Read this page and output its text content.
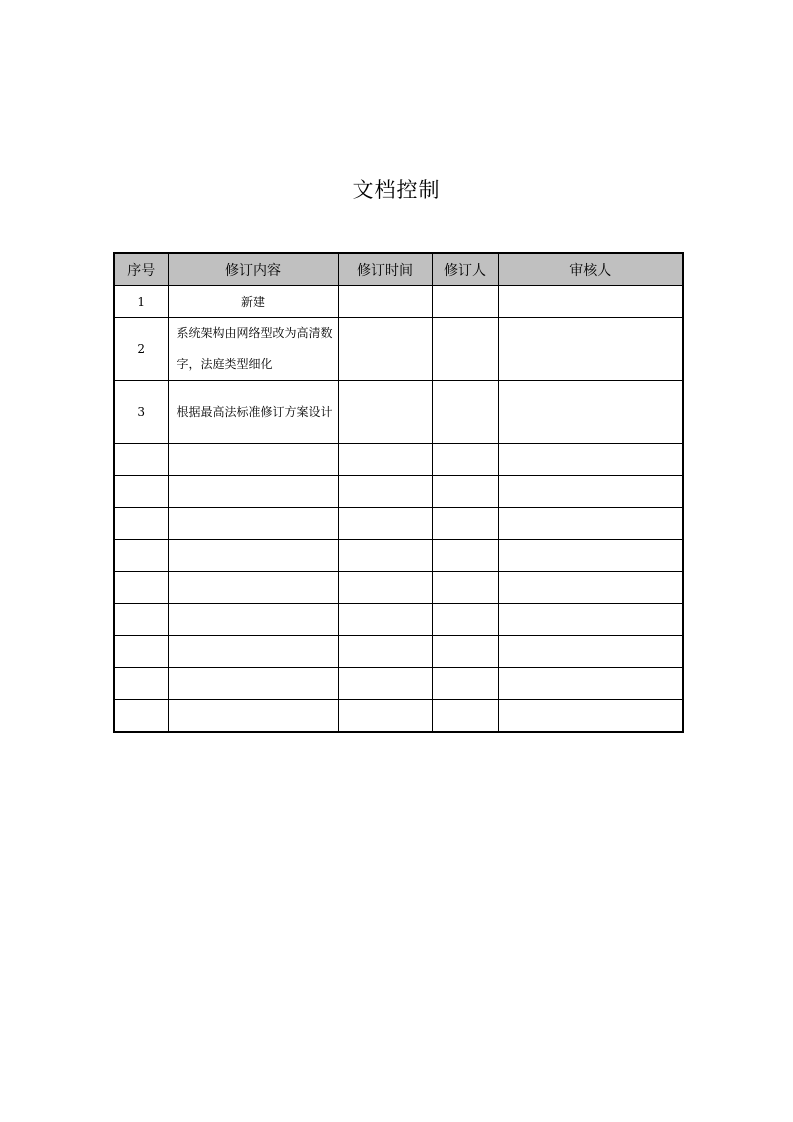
文档控制
序号	修订内容	修订时间	修订人	审核人
1	新建			
2	系统架构由网络型改为高清数字，法庭类型细化			
3	根据最高法标准修订方案设计			
